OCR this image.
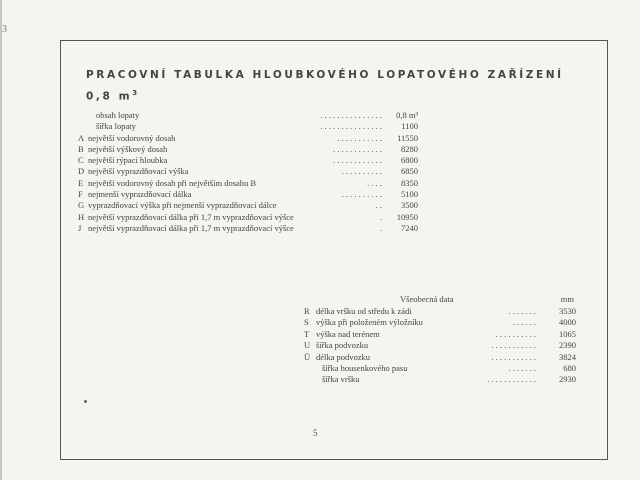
3
PRACOVNÍ TABULKA HLOUBKOVÉHO LOPATOVÉHO ZAŘÍZENÍ
0,8 $m^3$
obsah lopaty	. . . . . . . . . . . . . . .	0,8 m³
šířka lopaty	. . . . . . . . . . . . . . .	1100
A největší vodorovný dosah	. . . . . . . . . . .	11550
B největší výškový dosah	. . . . . . . . . . . .	8280
C největší rýpací hloubka	. . . . . . . . . . . .	6800
D největší vyprazdňovací výška	. . . . . . . . . .	6850
E největší vodorovný dosah při největším dosahu B	. . . .	8350
F nejmenší vyprazdňovací dálka	. . . . . . . . . .	5100
G vyprazdňovací výška při nejmenší vyprazdňovací dálce	. .	3500
H největší vyprazdňovací dálka při 1,7 m vyprazdňovací výšce	.	10950
J největší vyprazdňovací dálka při 1,7 m vyprazdňovací výšce	.	7240
Všeobecná data	mm
R délka vršku od středu k zádi	. . . . . . .	3530
S výška při položeném výložníku	. . . . . .	4000
T výška nad terénem	. . . . . . . . . .	1065
U šířka podvozku	. . . . . . . . . . .	2390
Ü délka podvozku	. . . . . . . . . . .	3824
šířka housenkového pasu	. . . . . . .	680
šířka vršku	. . . . . . . . . . . .	2930
5
